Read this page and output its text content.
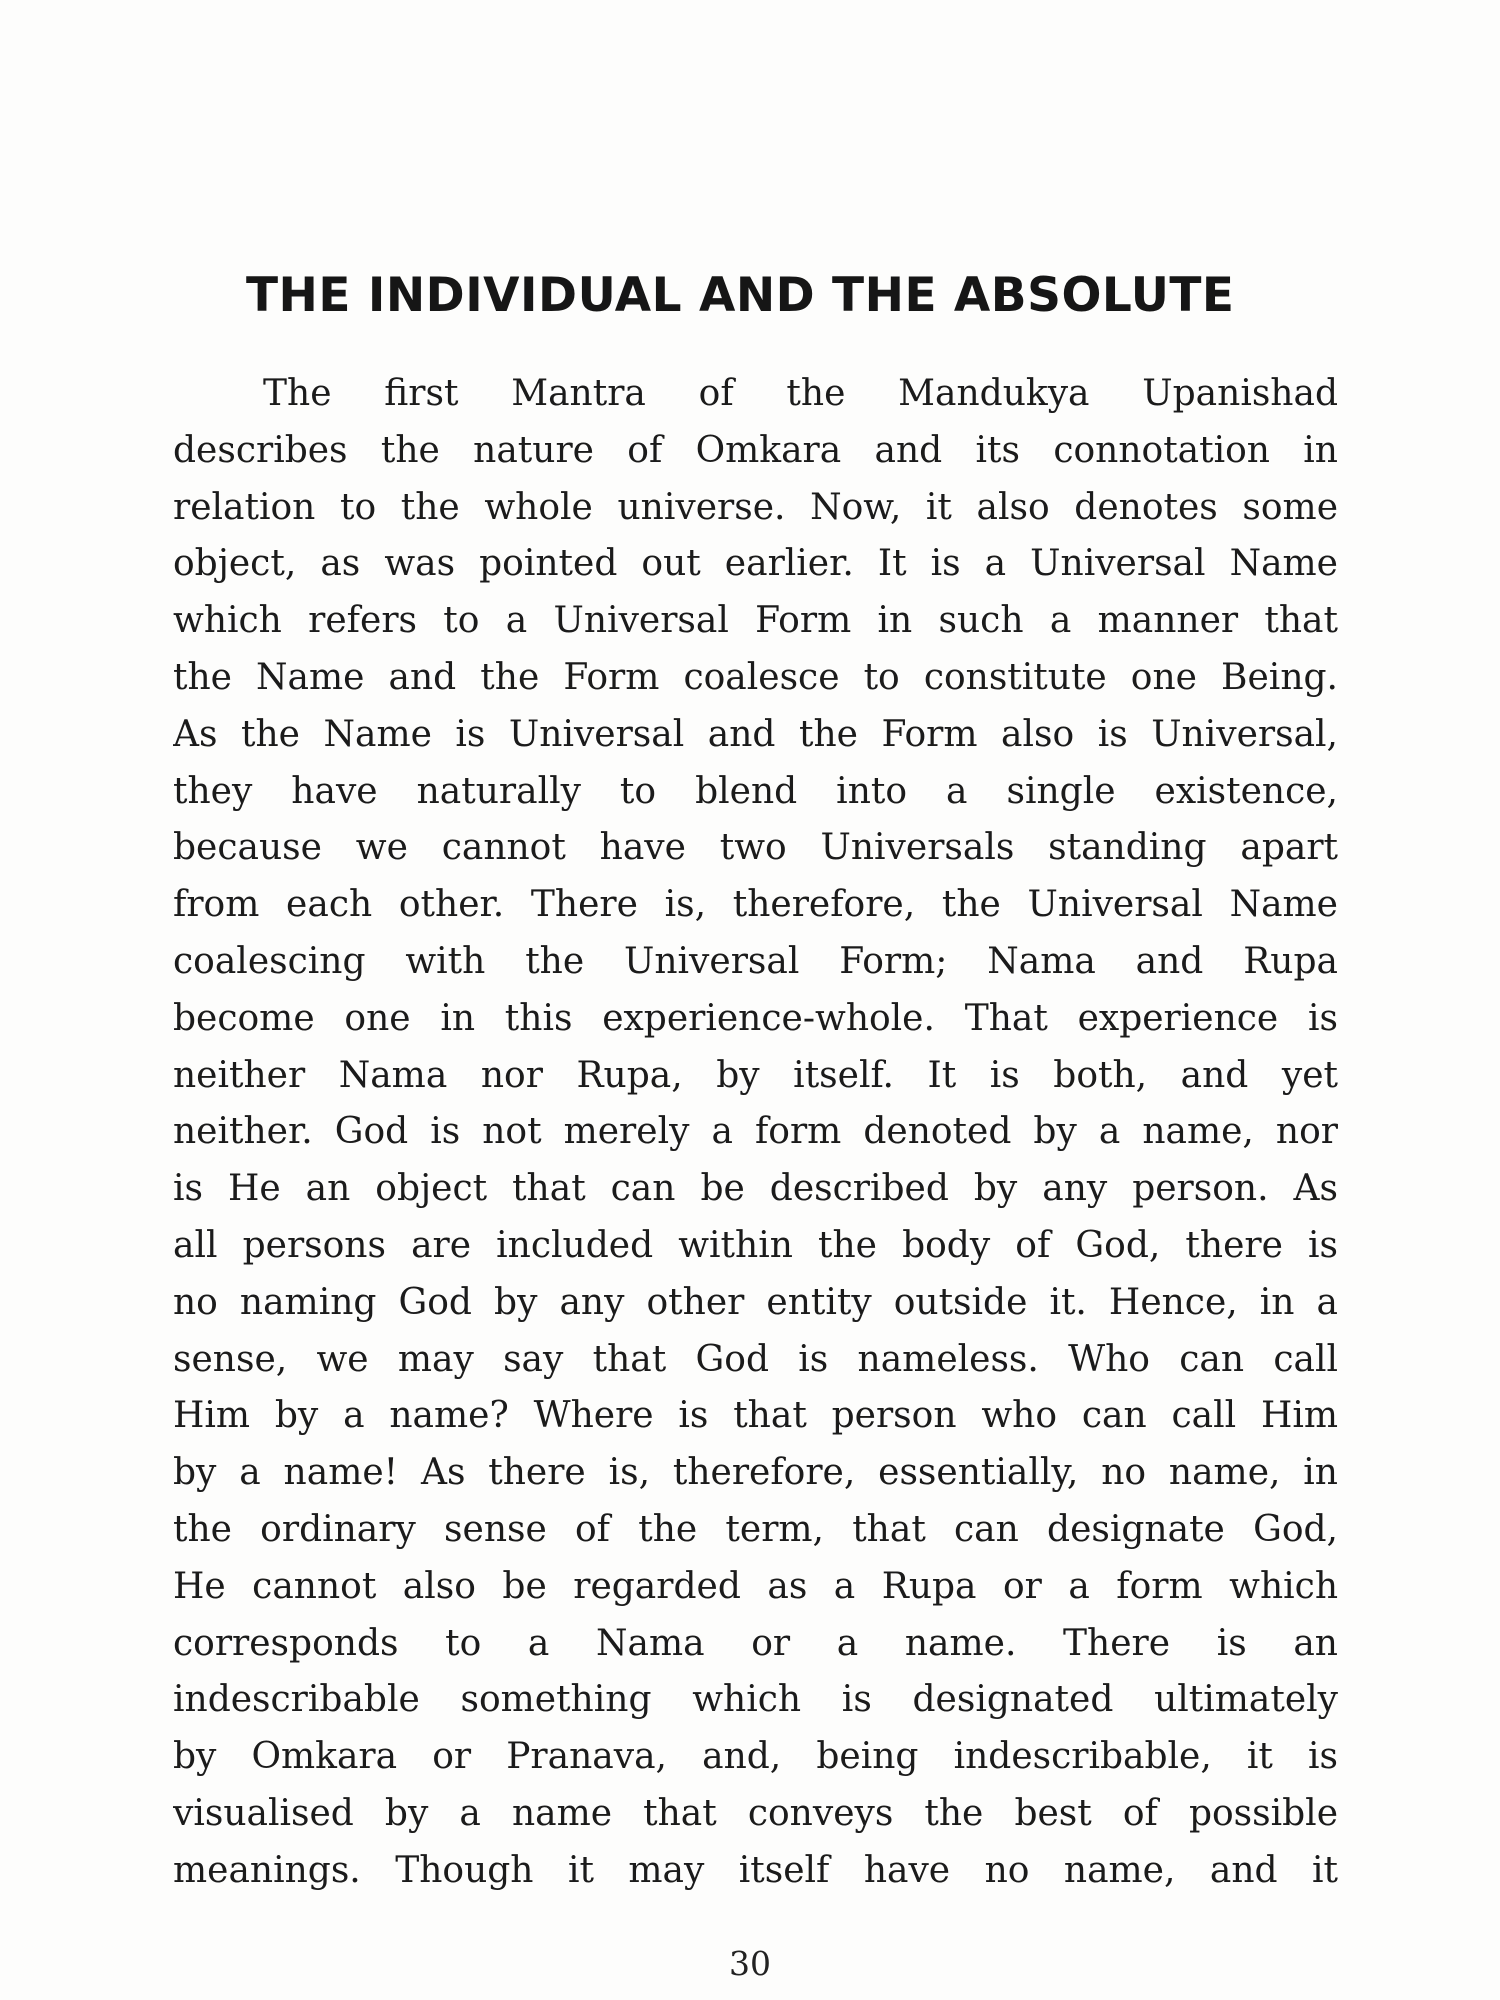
THE INDIVIDUAL AND THE ABSOLUTE
The first Mantra of the Mandukya Upanishad
describes the nature of Omkara and its connotation in
relation to the whole universe. Now, it also denotes some
object, as was pointed out earlier. It is a Universal Name
which refers to a Universal Form in such a manner that
the Name and the Form coalesce to constitute one Being.
As the Name is Universal and the Form also is Universal,
they have naturally to blend into a single existence,
because we cannot have two Universals standing apart
from each other. There is, therefore, the Universal Name
coalescing with the Universal Form; Nama and Rupa
become one in this experience-whole. That experience is
neither Nama nor Rupa, by itself. It is both, and yet
neither. God is not merely a form denoted by a name, nor
is He an object that can be described by any person. As
all persons are included within the body of God, there is
no naming God by any other entity outside it. Hence, in a
sense, we may say that God is nameless. Who can call
Him by a name? Where is that person who can call Him
by a name! As there is, therefore, essentially, no name, in
the ordinary sense of the term, that can designate God,
He cannot also be regarded as a Rupa or a form which
corresponds to a Nama or a name. There is an
indescribable something which is designated ultimately
by Omkara or Pranava, and, being indescribable, it is
visualised by a name that conveys the best of possible
meanings. Though it may itself have no name, and it
30
